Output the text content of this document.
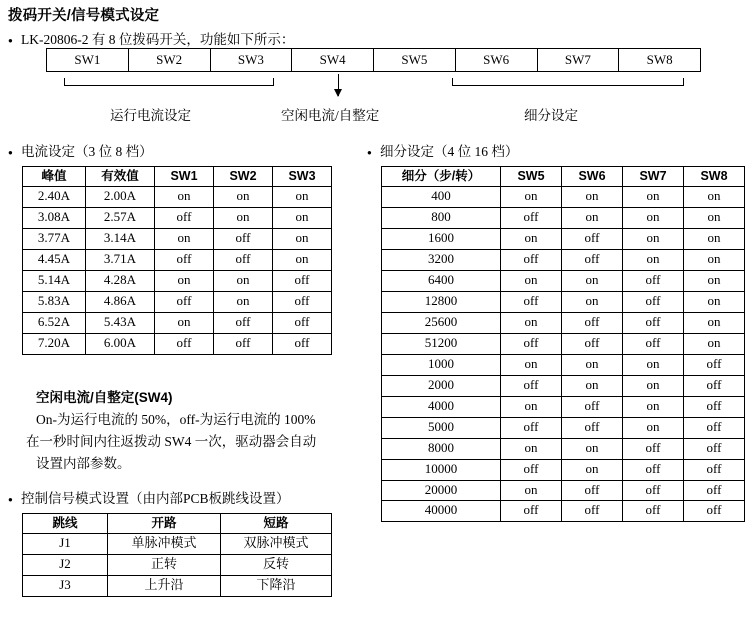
拨码开关/信号模式设定
●LK-20806-2 有 8 位拨码开关，功能如下所示：
SW1	SW2	SW3	SW4	SW5	SW6	SW7	SW8
运行电流设定	空闲电流/自整定	细分设定
●电流设定（3 位 8 档） ●	细分设定（4 位 16 档）
峰值	有效值	SW1	SW2	SW3
2.40A	2.00A	on	on	on
3.08A	2.57A	off	on	on
3.77A	3.14A	on	off	on
4.45A	3.71A	off	off	on
5.14A	4.28A	on	on	off
5.83A	4.86A	off	on	off
6.52A	5.43A	on	off	off
7.20A	6.00A	off	off	off
空闲电流/自整定(SW4)
On-为运行电流的 50%，off-为运行电流的 100%
在一秒时间内往返拨动 SW4 一次，驱动器会自动
设置内部参数。
●控制信号模式设置（由内部PCB板跳线设置）
跳线	开路	短路
J1	单脉冲模式	双脉冲模式
J2	正转	反转
J3	上升沿	下降沿
细分（步/转）	SW5	SW6	SW7	SW8
400	on	on	on	on
800	off	on	on	on
1600	on	off	on	on
3200	off	off	on	on
6400	on	on	off	on
12800	off	on	off	on
25600	on	off	off	on
51200	off	off	off	on
1000	on	on	on	off
2000	off	on	on	off
4000	on	off	on	off
5000	off	off	on	off
8000	on	on	off	off
10000	off	on	off	off
20000	on	off	off	off
40000	off	off	off	off
